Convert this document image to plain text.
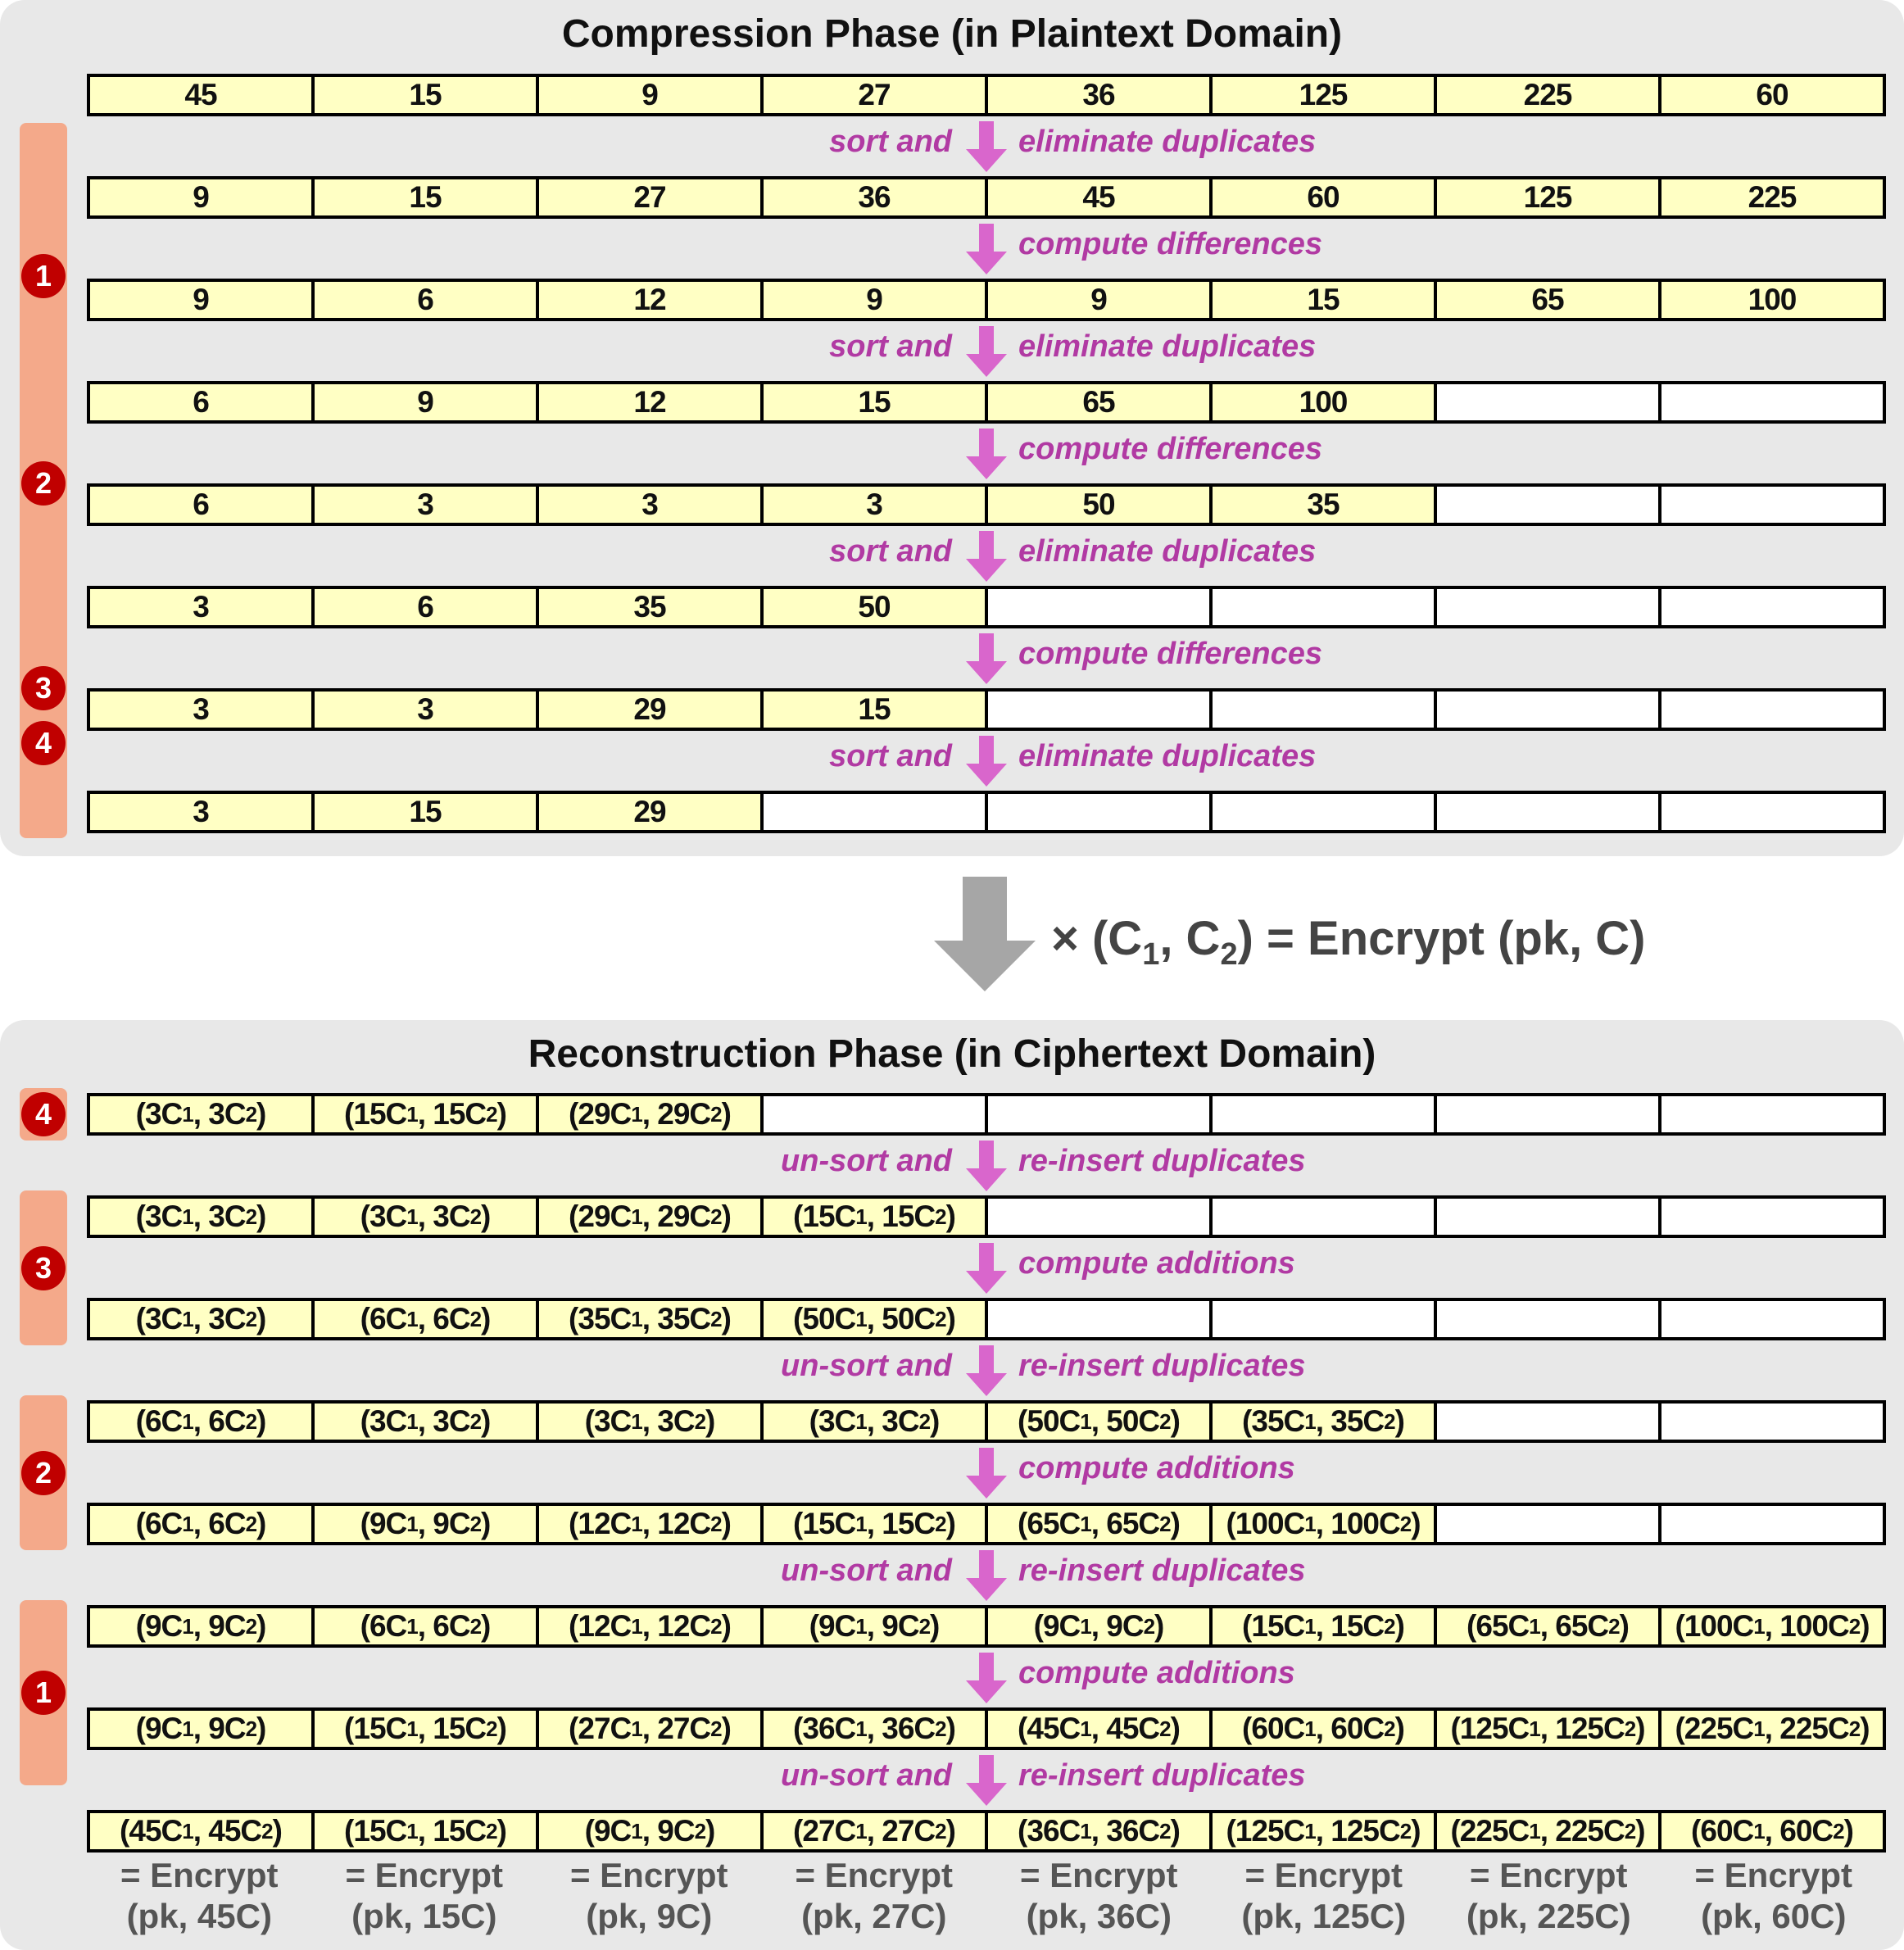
Compression Phase (in Plaintext Domain)
45	15	9	27	36	125	225	60
sort and eliminate duplicates
9	15	27	36	45	60	125	225
compute differences
9	6	12	9	9	15	65	100
sort and eliminate duplicates
6	9	12	15	65	100
compute differences
6	3	3	3	50	35
sort and eliminate duplicates
3	6	35	50
compute differences
3	3	29	15
sort and eliminate duplicates
3	15	29
1
2
3
4
× ($C_1$, $C_2$) = Encrypt (pk, C)
Reconstruction Phase (in Ciphertext Domain)
(3C 1 , 3C 2 )	(15C 1 , 15C 2 )	(29C 1 , 29C 2 )
un-sort and re-insert duplicates
(3C 1 , 3C 2 )	(3C 1 , 3C 2 )	(29C 1 , 29C 2 )	(15C 1 , 15C 2 )
compute additions
(3C 1 , 3C 2 )	(6C 1 , 6C 2 )	(35C 1 , 35C 2 )	(50C 1 , 50C 2 )
un-sort and re-insert duplicates
(6C 1 , 6C 2 )	(3C 1 , 3C 2 )	(3C 1 , 3C 2 )	(3C 1 , 3C 2 )	(50C 1 , 50C 2 )	(35C 1 , 35C 2 )
compute additions
(6C 1 , 6C 2 )	(9C 1 , 9C 2 )	(12C 1 , 12C 2 )	(15C 1 , 15C 2 )	(65C 1 , 65C 2 )	(100C 1 , 100C 2 )
un-sort and re-insert duplicates
(9C 1 , 9C 2 )	(6C 1 , 6C 2 )	(12C 1 , 12C 2 )	(9C 1 , 9C 2 )	(9C 1 , 9C 2 )	(15C 1 , 15C 2 )	(65C 1 , 65C 2 )	(100C 1 , 100C 2 )
compute additions
(9C 1 , 9C 2 )	(15C 1 , 15C 2 )	(27C 1 , 27C 2 )	(36C 1 , 36C 2 )	(45C 1 , 45C 2 )	(60C 1 , 60C 2 )	(125C 1 , 125C 2 ) (225C 1 , 225C 2 )
un-sort and re-insert duplicates
(45C 1 , 45C 2 )	(15C 1 , 15C 2 )	(9C 1 , 9C 2 )	(27C 1 , 27C 2 )	(36C 1 , 36C 2 )	(125C 1 , 125C 2 ) (225C 1 , 225C 2 )	(60C 1 , 60C 2 )
4
3
2
1
= Encrypt
(pk, 45C)
= Encrypt
(pk, 15C)
= Encrypt
(pk, 9C)
= Encrypt
(pk, 27C)
= Encrypt
(pk, 36C)
= Encrypt
(pk, 125C)
= Encrypt
(pk, 225C)
= Encrypt
(pk, 60C)
